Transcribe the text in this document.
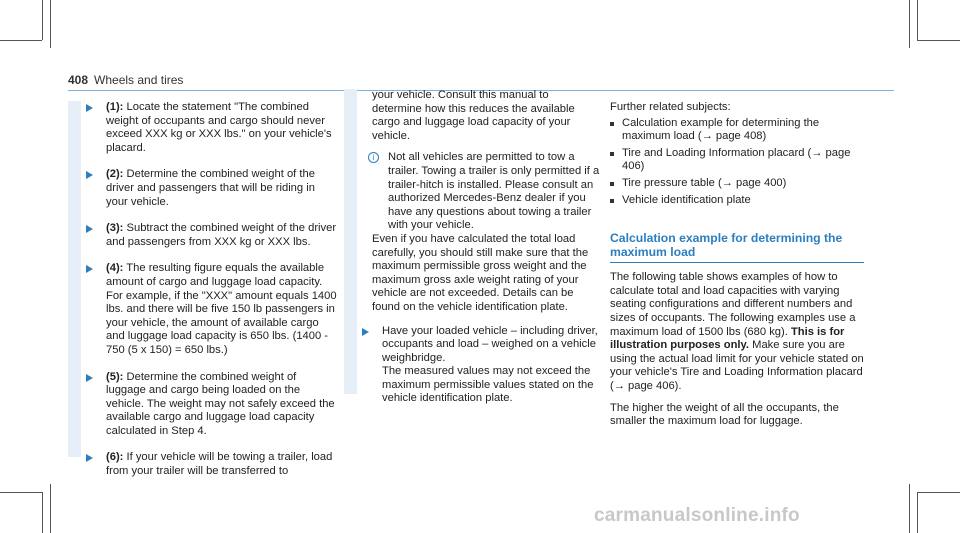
408 Wheels and tires
(1): Locate the statement "The combined weight of occupants and cargo should never exceed XXX kg or XXX lbs." on your vehicle's placard.
(2): Determine the combined weight of the driver and passengers that will be riding in your vehicle.
(3): Subtract the combined weight of the driver and passengers from XXX kg or XXX lbs.
(4): The resulting figure equals the available amount of cargo and luggage load capacity. For example, if the "XXX" amount equals 1400 lbs. and there will be five 150 lb passengers in your vehicle, the amount of available cargo and luggage load capacity is 650 lbs. (1400 - 750 (5 x 150) = 650 lbs.)
(5): Determine the combined weight of luggage and cargo being loaded on the vehicle. The weight may not safely exceed the available cargo and luggage load capacity calculated in Step 4.
(6): If your vehicle will be towing a trailer, load from your trailer will be transferred to
your vehicle. Consult this manual to determine how this reduces the available cargo and luggage load capacity of your vehicle.
i	Not all vehicles are permitted to tow a trailer. Towing a trailer is only permitted if a trailer-hitch is installed. Please consult an authorized Mercedes-Benz dealer if you have any questions about towing a trailer with your vehicle.
Even if you have calculated the total load carefully, you should still make sure that the maximum permissible gross weight and the maximum gross axle weight rating of your vehicle are not exceeded. Details can be found on the vehicle identification plate.
Have your loaded vehicle – including driver, occupants and load – weighed on a vehicle weighbridge.
The measured values may not exceed the maximum permissible values stated on the vehicle identification plate.
Further related subjects:
Calculation example for determining the maximum load (→ page 408)
Tire and Loading Information placard (→ page 406)
Tire pressure table (→ page 400)
Vehicle identification plate
Calculation example for determining the maximum load
The following table shows examples of how to calculate total and load capacities with varying seating configurations and different numbers and sizes of occupants. The following examples use a maximum load of 1500 lbs (680 kg). This is for illustration purposes only. Make sure you are using the actual load limit for your vehicle stated on your vehicle's Tire and Loading Information placard (→ page 406).
The higher the weight of all the occupants, the smaller the maximum load for luggage.
carmanualsonline.info
